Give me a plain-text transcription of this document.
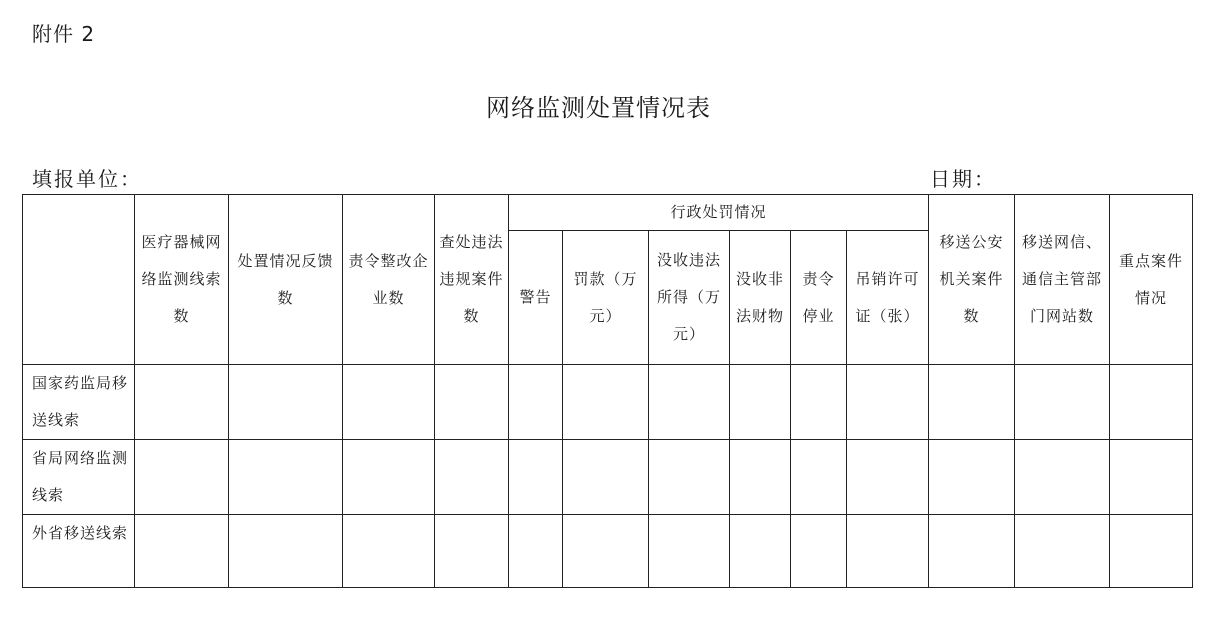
附件 2
网络监测处置情况表
填报单位：	日期：
	医疗器械网络监测线索数	处置情况反馈数	责令整改企业数	查处违法违规案件数	行政处罚情况						移送公安机关案件数	移送网信、通信主管部门网站数	重点案件情况
					警告	罚款（万元）	没收违法所得（万元）	没收非法财物	责令停业	吊销许可证（张）			
国家药监局移送线索													
省局网络监测线索													
外省移送线索													
